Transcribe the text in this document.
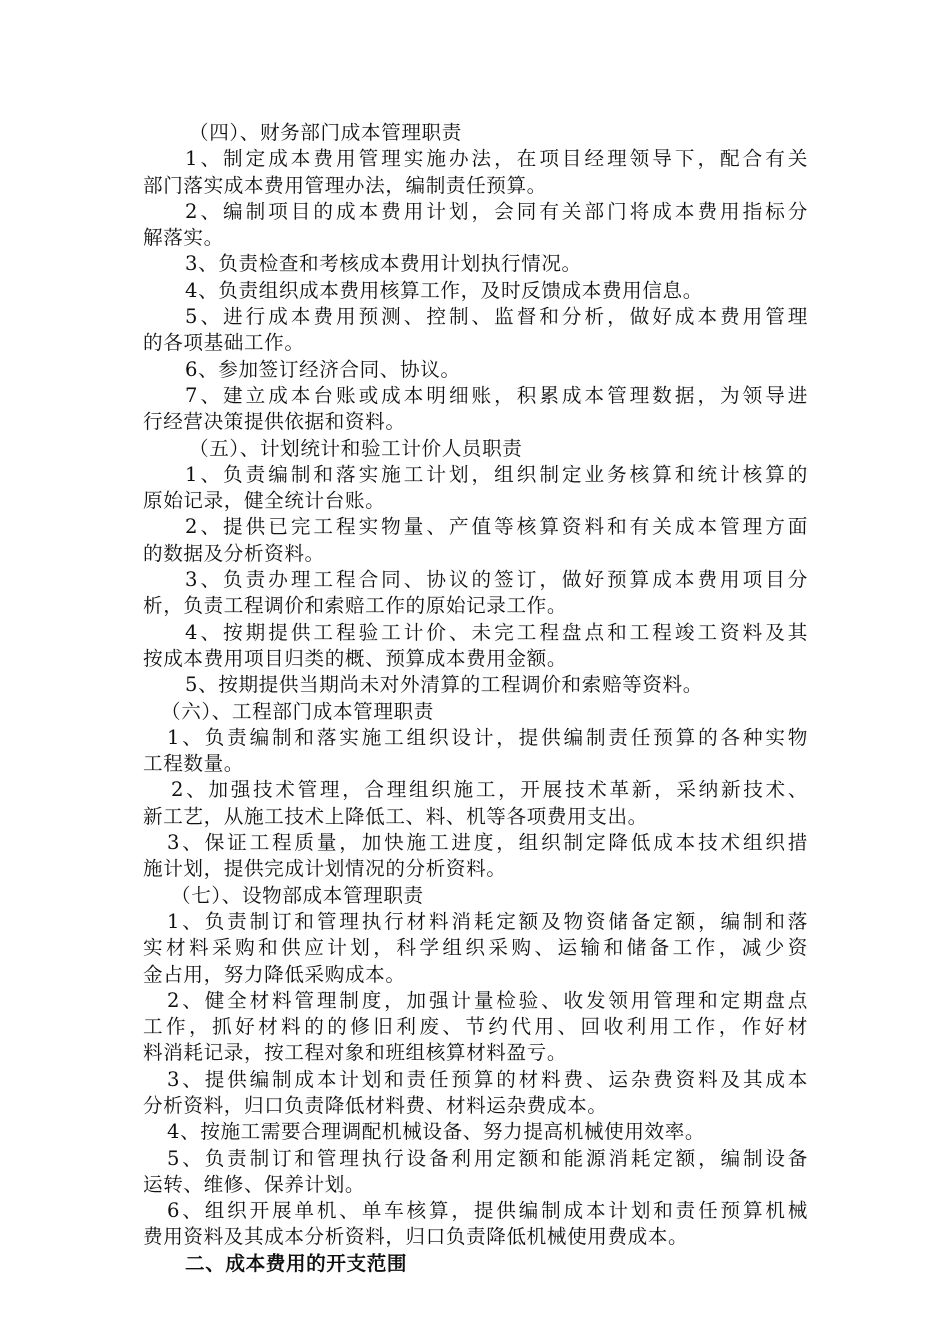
（四）、财务部门成本管理职责
1、制定成本费用管理实施办法，在项目经理领导下，配合有关
部门落实成本费用管理办法，编制责任预算。
2、编制项目的成本费用计划，会同有关部门将成本费用指标分
解落实。
3、负责检查和考核成本费用计划执行情况。
4、负责组织成本费用核算工作，及时反馈成本费用信息。
5、进行成本费用预测、控制、监督和分析，做好成本费用管理
的各项基础工作。
6、参加签订经济合同、协议。
7、建立成本台账或成本明细账，积累成本管理数据，为领导进
行经营决策提供依据和资料。
（五）、计划统计和验工计价人员职责
1、负责编制和落实施工计划，组织制定业务核算和统计核算的
原始记录，健全统计台账。
2、提供已完工程实物量、产值等核算资料和有关成本管理方面
的数据及分析资料。
3、负责办理工程合同、协议的签订，做好预算成本费用项目分
析，负责工程调价和索赔工作的原始记录工作。
4、按期提供工程验工计价、未完工程盘点和工程竣工资料及其
按成本费用项目归类的概、预算成本费用金额。
5、按期提供当期尚未对外清算的工程调价和索赔等资料。
（六）、工程部门成本管理职责
1、负责编制和落实施工组织设计，提供编制责任预算的各种实物
工程数量。
2、加强技术管理，合理组织施工，开展技术革新，采纳新技术、
新工艺，从施工技术上降低工、料、机等各项费用支出。
3、保证工程质量，加快施工进度，组织制定降低成本技术组织措
施计划，提供完成计划情况的分析资料。
（七）、设物部成本管理职责
1、负责制订和管理执行材料消耗定额及物资储备定额，编制和落
实材料采购和供应计划，科学组织采购、运输和储备工作，减少资
金占用，努力降低采购成本。
2、健全材料管理制度，加强计量检验、收发领用管理和定期盘点
工作，抓好材料的的修旧利废、节约代用、回收利用工作，作好材
料消耗记录，按工程对象和班组核算材料盈亏。
3、提供编制成本计划和责任预算的材料费、运杂费资料及其成本
分析资料，归口负责降低材料费、材料运杂费成本。
4、按施工需要合理调配机械设备、努力提高机械使用效率。
5、负责制订和管理执行设备利用定额和能源消耗定额，编制设备
运转、维修、保养计划。
6、组织开展单机、单车核算，提供编制成本计划和责任预算机械
费用资料及其成本分析资料，归口负责降低机械使用费成本。
二、成本费用的开支范围
